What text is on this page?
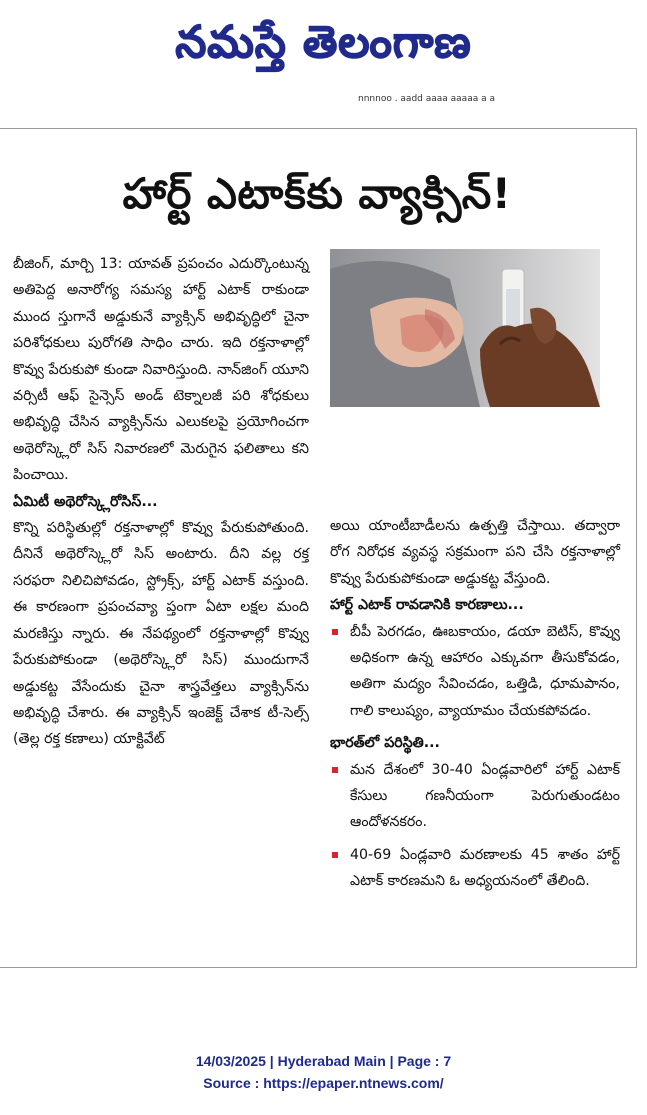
నమస్తే తెలంగాణ
nnnnoo . aadd aaaa aaaaa a a
హార్ట్ ఎటాక్‌కు వ్యాక్సిన్!

బీజింగ్, మార్చి 13: యావత్ ప్రపంచం ఎదుర్కొంటున్న అతిపెద్ద అనారోగ్య సమస్య హార్ట్ ఎటాక్ రాకుండా ముంద స్తుగానే అడ్డుకునే వ్యాక్సిన్ అభివృద్ధిలో చైనా పరిశోధకులు పురోగతి సాధిం చారు. ఇది రక్తనాళాల్లో కొవ్వు పేరుకుపో కుండా నివారిస్తుంది. నాన్‌జింగ్ యూని వర్సిటీ ఆఫ్ సైన్సెస్ అండ్ టెక్నాలజీ పరి శోధకులు అభివృద్ధి చేసిన వ్యాక్సిన్‌ను ఎలుకలపై ప్రయోగించగా అథెరోస్క్లెరో సిస్ నివారణలో మెరుగైన ఫలితాలు కని పించాయి.

ఏమిటీ అథెరోస్క్లెరోసిస్...

కొన్ని పరిస్థితుల్లో రక్తనాళాల్లో కొవ్వు పేరుకుపోతుంది. దీనినే అథెరోస్క్లెరో సిస్ అంటారు. దీని వల్ల రక్త సరఫరా నిలిచిపోవడం, స్ట్రోక్స్, హార్ట్ ఎటాక్ వస్తుంది. ఈ కారణంగా ప్రపంచవ్యా ప్తంగా ఏటా లక్షల మంది మరణిస్తు న్నారు. ఈ నేపథ్యంలో రక్తనాళాల్లో కొవ్వు పేరుకుపోకుండా (అథెరోస్క్లెరో సిస్) ముందుగానే అడ్డుకట్ట వేసేందుకు చైనా శాస్త్రవేత్తలు వ్యాక్సిన్‌ను అభివృద్ధి చేశారు. ఈ వ్యాక్సిన్ ఇంజెక్ట్ చేశాక టీ-సెల్స్ (తెల్ల రక్త కణాలు) యాక్టివేట్

అయి యాంటీబాడీలను ఉత్పత్తి చేస్తాయి. తద్వారా రోగ నిరోధక వ్యవస్థ సక్రమంగా పని చేసి రక్తనాళాల్లో కొవ్వు పేరుకుపోకుండా అడ్డుకట్ట వేస్తుంది.

హార్ట్ ఎటాక్ రావడానికి కారణాలు...

బీపీ పెరగడం, ఊబకాయం, డయా బెటిస్, కొవ్వు అధికంగా ఉన్న ఆహారం ఎక్కువగా తీసుకోవడం, అతిగా మద్యం సేవించడం, ఒత్తిడి, ధూమపానం, గాలి కాలుష్యం, వ్యాయామం చేయకపోవడం.

భారత్‌లో పరిస్థితి...

మన దేశంలో 30-40 ఏండ్లవారిలో హార్ట్ ఎటాక్ కేసులు గణనీయంగా పెరుగుతుండటం ఆందోళనకరం.
40-69 ఏండ్లవారి మరణాలకు 45 శాతం హార్ట్ ఎటాక్ కారణమని ఓ అధ్యయనంలో తేలింది.
14/03/2025 | Hyderabad Main | Page : 7
Source : https://epaper.ntnews.com/
